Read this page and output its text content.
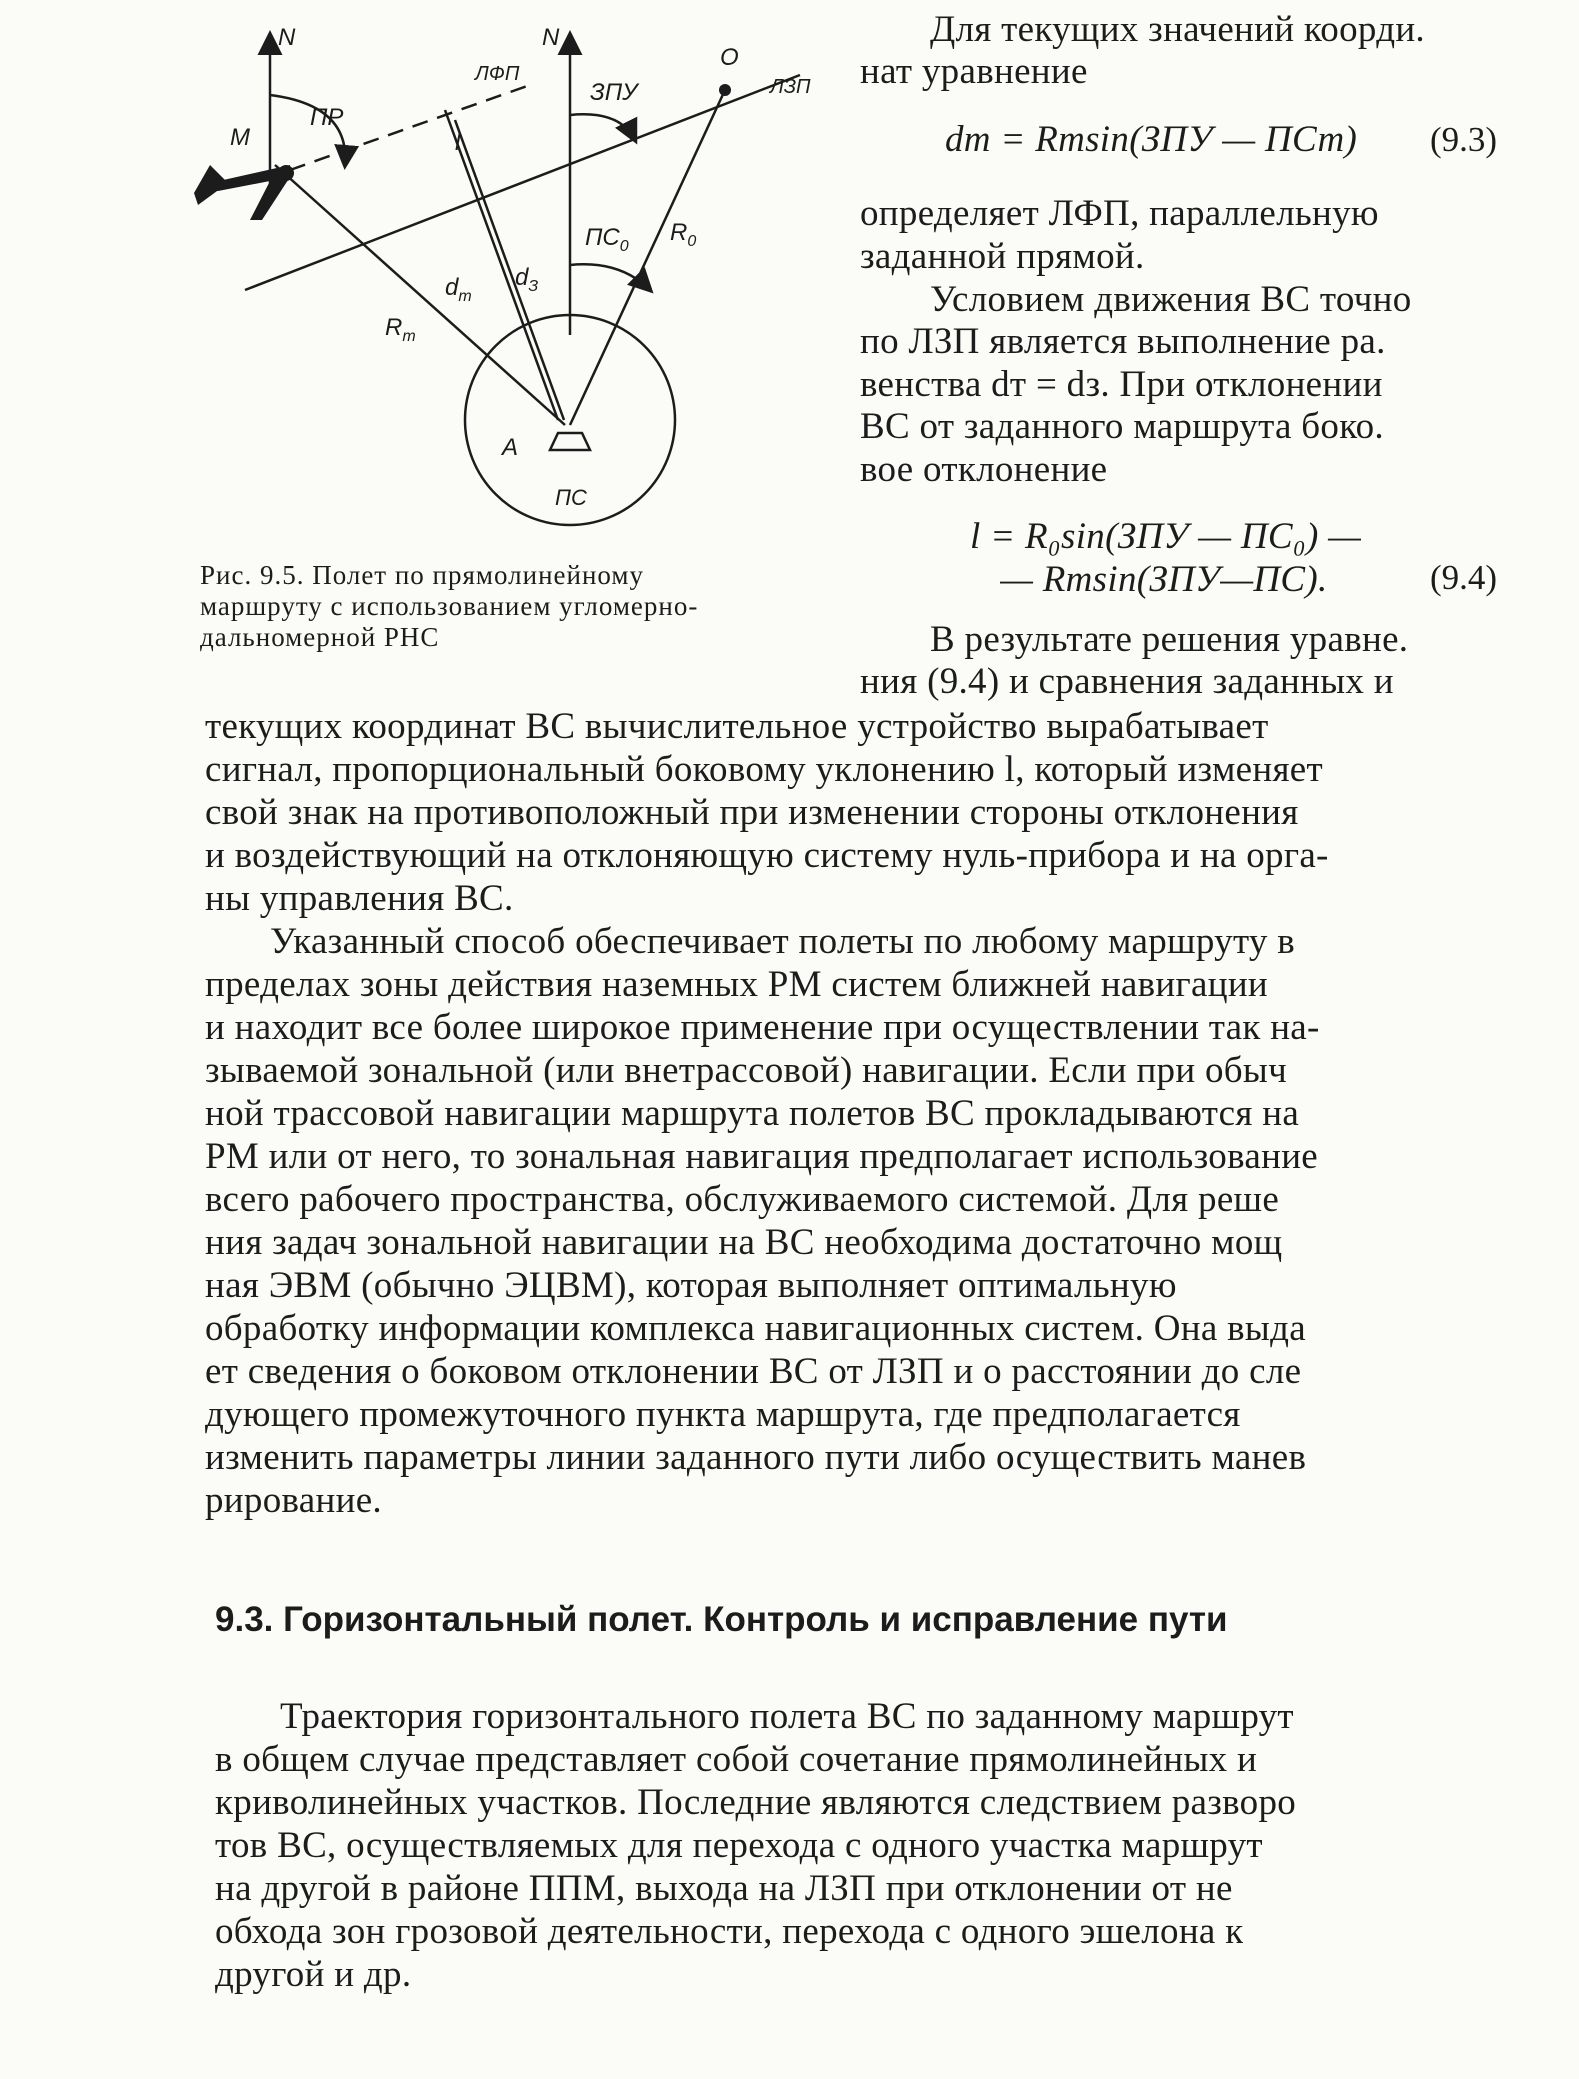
N	N
О
ЛФП
ЗПУ	ЛЗП
М
ПР
l
$ПС_0$
$R_0$
$d_т$
$d_З$
$R_т$
А
ПС
Рис. 9.5. Полет по прямолинейному
маршруту с использованием угломерно-
дальномерной РНС
Для текущих значений коорди.
нат уравнение
dт = Rтsin(ЗПУ — ПСт) (9.3)
определяет ЛФП, параллельную
заданной прямой.
Условием движения ВС точно
по ЛЗП является выполнение ра.
венства dт = dз. При отклонении
ВС от заданного маршрута боко.
вое отклонение
l = R₀sin(ЗПУ — ПС₀) —
— Rтsin(ЗПУ—ПС).	(9.4)
В результате решения уравне.
ния (9.4) и сравнения заданных и
текущих координат ВС вычислительное устройство вырабатывает
сигнал, пропорциональный боковому уклонению l, который изменяет
свой знак на противоположный при изменении стороны отклонения
и воздействующий на отклоняющую систему нуль-прибора и на орга-
ны управления ВС.
Указанный способ обеспечивает полеты по любому маршруту в
пределах зоны действия наземных РМ систем ближней навигации
и находит все более широкое применение при осуществлении так на-
зываемой зональной (или внетрассовой) навигации. Если при обыч
ной трассовой навигации маршрута полетов ВС прокладываются на
РМ или от него, то зональная навигация предполагает использование
всего рабочего пространства, обслуживаемого системой. Для реше
ния задач зональной навигации на ВС необходима достаточно мощ
ная ЭВМ (обычно ЭЦВМ), которая выполняет оптимальную
обработку информации комплекса навигационных систем. Она выда
ет сведения о боковом отклонении ВС от ЛЗП и о расстоянии до сле
дующего промежуточного пункта маршрута, где предполагается
изменить параметры линии заданного пути либо осуществить манев
рирование.
9.3. Горизонтальный полет. Контроль и исправление пути
Траектория горизонтального полета ВС по заданному маршрут
в общем случае представляет собой сочетание прямолинейных и
криволинейных участков. Последние являются следствием разворо
тов ВС, осуществляемых для перехода с одного участка маршрут
на другой в районе ППМ, выхода на ЛЗП при отклонении от не
обхода зон грозовой деятельности, перехода с одного эшелона к
другой и др.
